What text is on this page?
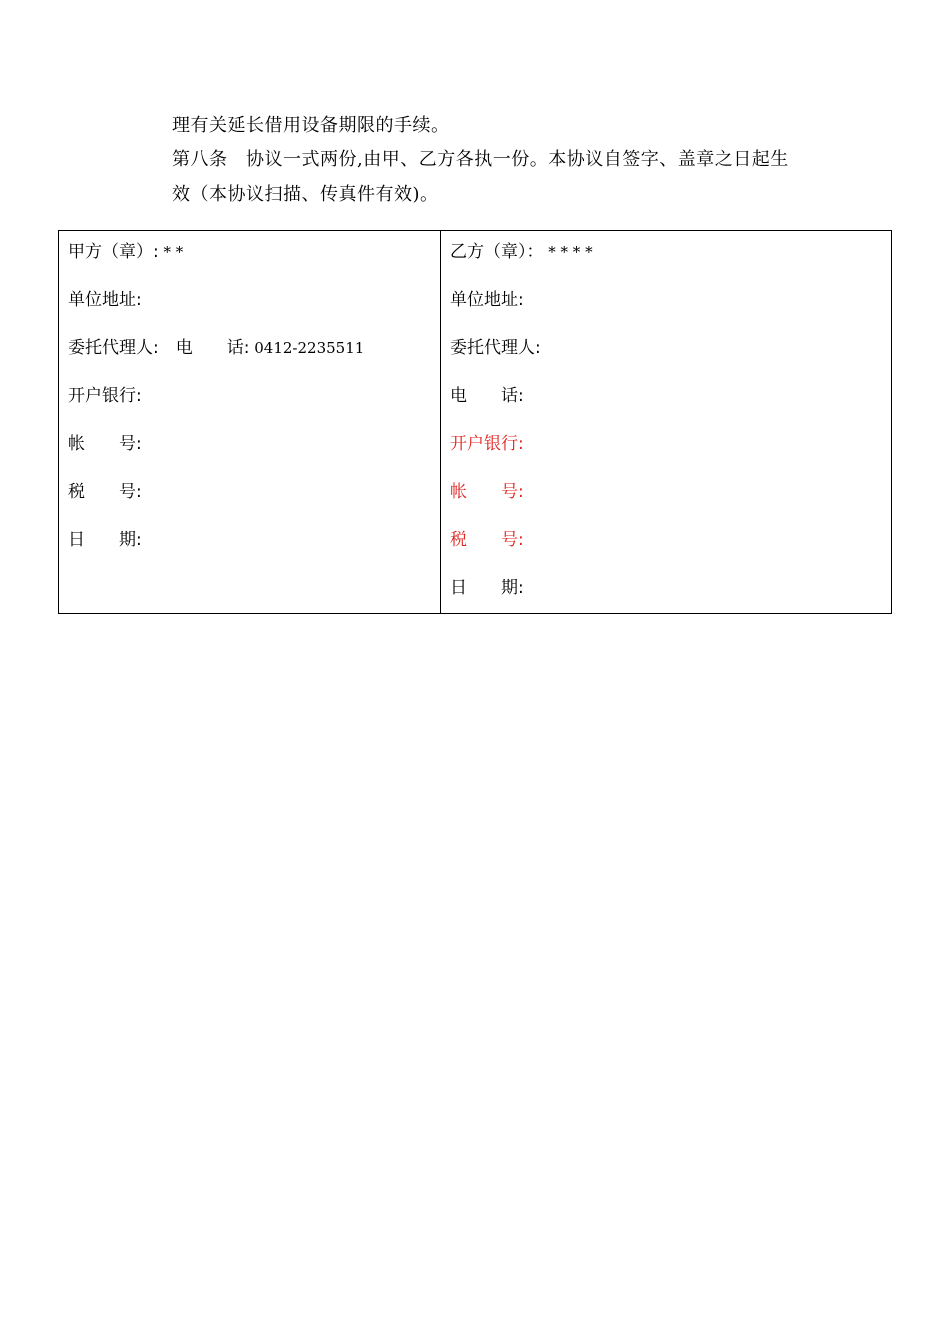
理有关延长借用设备期限的手续。
第八条　协议一式两份,由甲、乙方各执一份。本协议自签字、盖章之日起生
效（本协议扫描、传真件有效)。
甲方（章）: * *
单位地址:
委托代理人:　电　　话: 0412-2235511
开户银行:
帐　　号:
税　　号:
日　　期:
乙方（章）： * * * *
单位地址:
委托代理人:
电　　话:
开户银行:
帐　　号:
税　　号:
日　　期:
